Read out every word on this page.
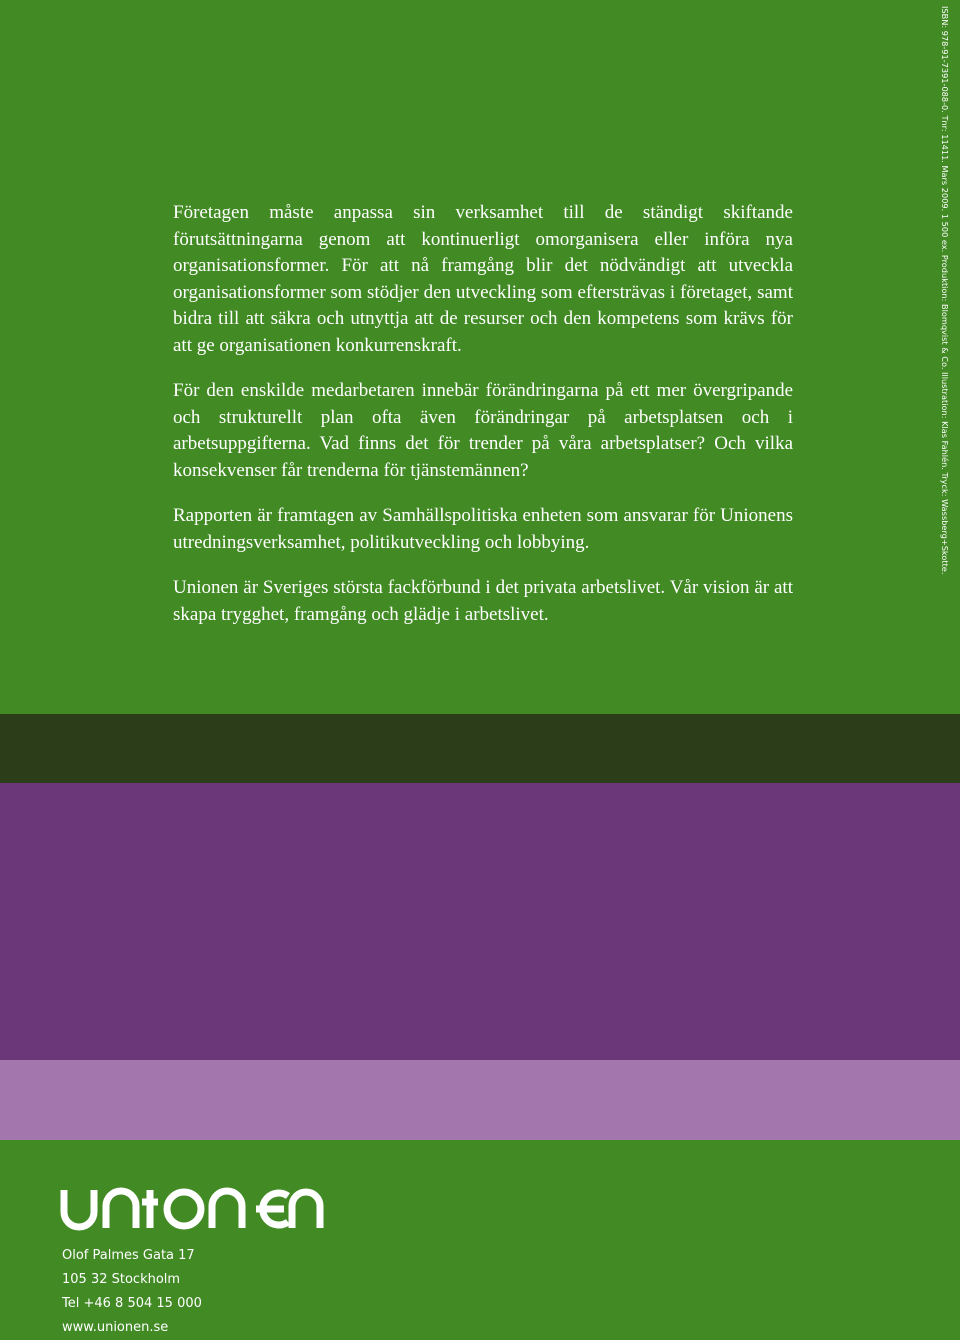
Företagen måste anpassa sin verksamhet till de ständigt skiftande förutsättningarna genom att kontinuerligt omorganisera eller införa nya organisationsformer. För att nå framgång blir det nödvändigt att utveckla organisationsformer som stödjer den utveckling som eftersträvas i företaget, samt bidra till att säkra och utnyttja att de resurser och den kompetens som krävs för att ge organisationen konkurrenskraft.

För den enskilde medarbetaren innebär förändringarna på ett mer övergripande och strukturellt plan ofta även förändringar på arbetsplatsen och i arbetsuppgifterna. Vad finns det för trender på våra arbetsplatser? Och vilka konsekvenser får trenderna för tjänstemännen?

Rapporten är framtagen av Samhällspolitiska enheten som ansvarar för Unionens utredningsverksamhet, politikutveckling och lobbying.

Unionen är Sveriges största fackförbund i det privata arbetslivet. Vår vision är att skapa trygghet, framgång och glädje i arbetslivet.

ISBN: 978-91-7391-088-0. Tnr: 11411. Mars 2009. 1 500 ex. Produktion: Blomqvist & Co. Illustration: Klas Fahlén. Tryck: Wassberg+Skotte.
Olof Palmes Gata 17
105 32 Stockholm
Tel +46 8 504 15 000
www.unionen.se
